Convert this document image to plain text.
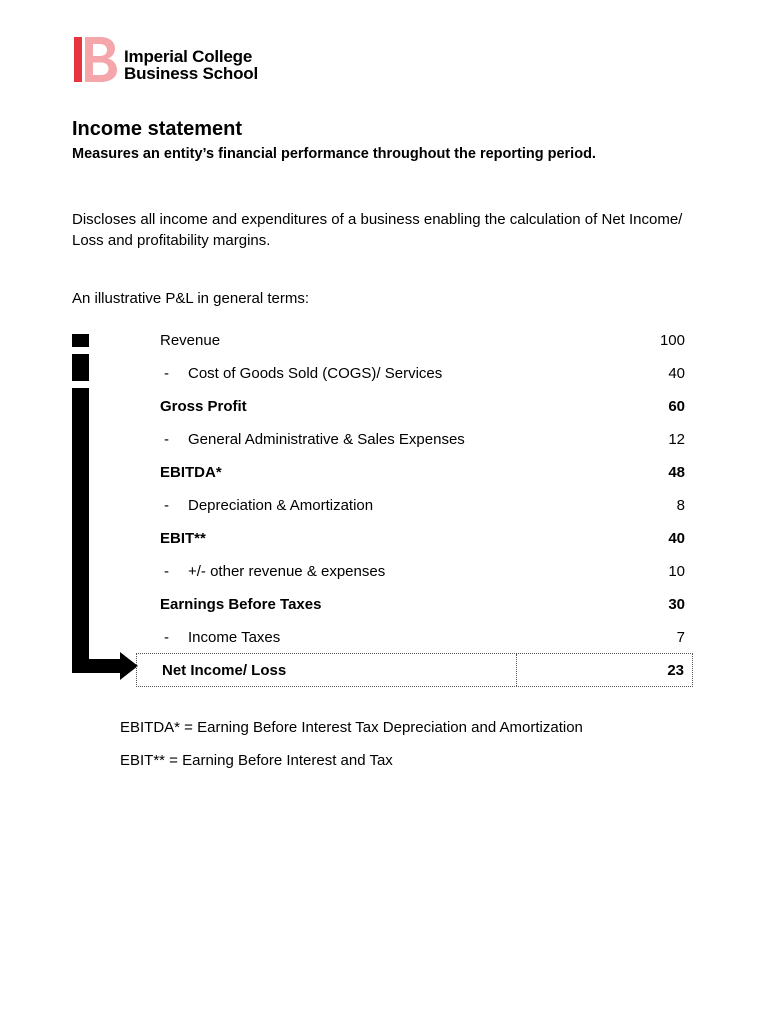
Imperial College
Business School
Income statement
Measures an entity’s financial performance throughout the reporting period.
Discloses all income and expenditures of a business enabling the calculation of Net Income/ Loss and profitability margins.
An illustrative P&L in general terms:
Revenue	100
- Cost of Goods Sold (COGS)/ Services	40
Gross Profit	60
- General Administrative & Sales Expenses	12
EBITDA*	48
- Depreciation & Amortization	8
EBIT**	40
- +/- other revenue & expenses	10
Earnings Before Taxes	30
- Income Taxes	7
Net Income/ Loss	23
EBITDA* = Earning Before Interest Tax Depreciation and Amortization
EBIT** = Earning Before Interest and Tax
